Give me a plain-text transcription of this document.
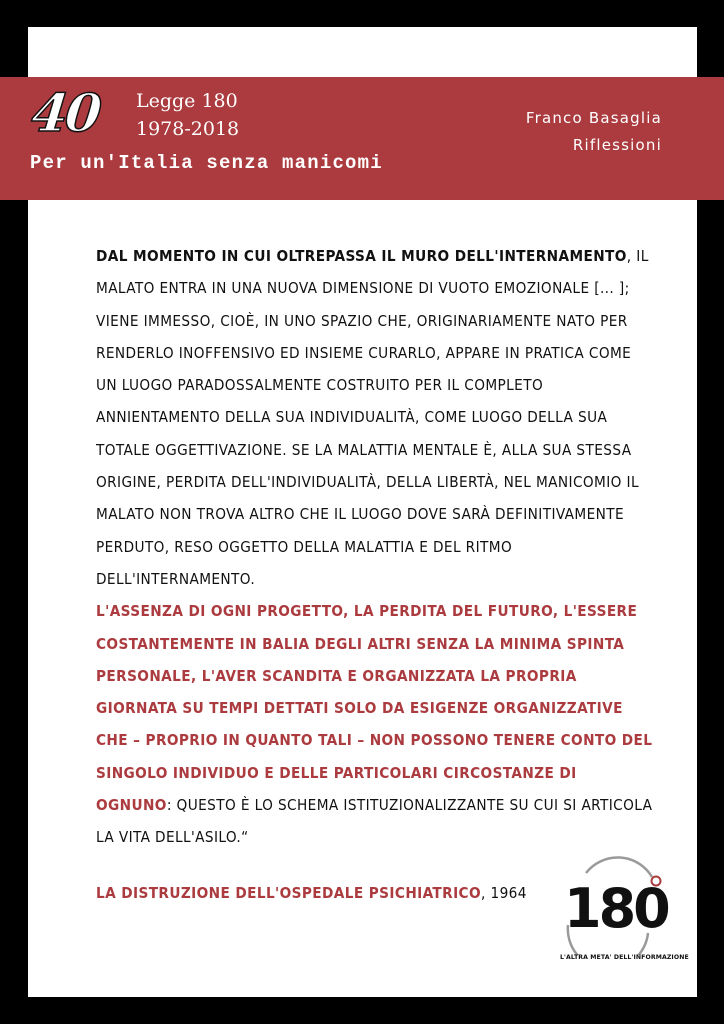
40 Legge 180
1978-2018
Per un'Italia senza manicomi
Franco Basaglia
Riflessioni

DAL MOMENTO IN CUI OLTREPASSA IL MURO DELL'INTERNAMENTO, IL MALATO ENTRA IN UNA NUOVA DIMENSIONE DI VUOTO EMOZIONALE [... ]; VIENE IMMESSO, CIOÈ, IN UNO SPAZIO CHE, ORIGINARIAMENTE NATO PER RENDERLO INOFFENSIVO ED INSIEME CURARLO, APPARE IN PRATICA COME UN LUOGO PARADOSSALMENTE COSTRUITO PER IL COMPLETO ANNIENTAMENTO DELLA SUA INDIVIDUALITÀ, COME LUOGO DELLA SUA TOTALE OGGETTIVAZIONE. SE LA MALATTIA MENTALE È, ALLA SUA STESSA ORIGINE, PERDITA DELL'INDIVIDUALITÀ, DELLA LIBERTÀ, NEL MANICOMIO IL MALATO NON TROVA ALTRO CHE IL LUOGO DOVE SARÀ DEFINITIVAMENTE PERDUTO, RESO OGGETTO DELLA MALATTIA E DEL RITMO DELL'INTERNAMENTO.
L'ASSENZA DI OGNI PROGETTO, LA PERDITA DEL FUTURO, L'ESSERE COSTANTEMENTE IN BALIA DEGLI ALTRI SENZA LA MINIMA SPINTA PERSONALE, L'AVER SCANDITA E ORGANIZZATA LA PROPRIA GIORNATA SU TEMPI DETTATI SOLO DA ESIGENZE ORGANIZZATIVE CHE – PROPRIO IN QUANTO TALI – NON POSSONO TENERE CONTO DEL SINGOLO INDIVIDUO E DELLE PARTICOLARI CIRCOSTANZE DI OGNUNO: QUESTO È LO SCHEMA ISTITUZIONALIZZANTE SU CUI SI ARTICOLA LA VITA DELL'ASILO.“

LA DISTRUZIONE DELL'OSPEDALE PSICHIATRICO, 1964 180
L'ALTRA META' DELL'INFORMAZIONE
